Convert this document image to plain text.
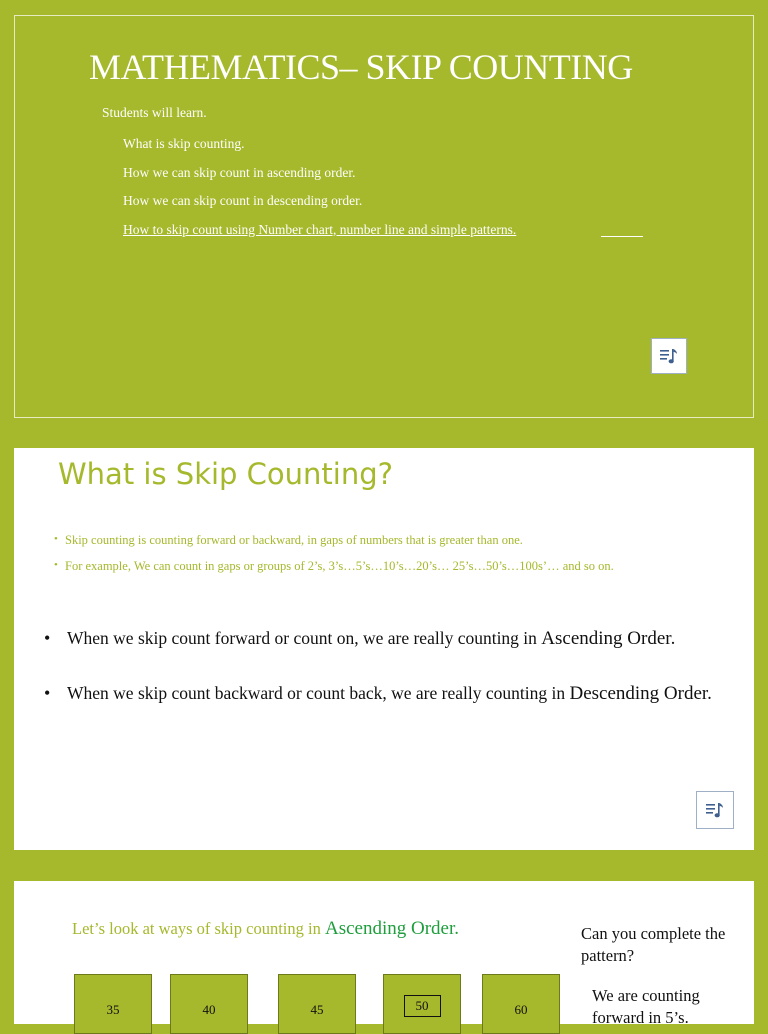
MATHEMATICS– SKIP COUNTING
Students will learn.
What is skip counting.
How we can skip count in ascending order.
How we can skip count in descending order.
How to skip count using Number chart, number line and simple patterns.
What is Skip Counting?
• Skip counting is counting forward or backward, in gaps of numbers that is greater than one.
• For example, We can count in gaps or groups of 2’s, 3’s…5’s…10’s…20’s… 25’s…50’s…100s’… and so on.
• When we skip count forward or count on, we are really counting in Ascending Order.
• When we skip count backward or count back, we are really counting in Descending Order.
Let’s look at ways of skip counting in Ascending Order.	Can you complete the pattern?
We are counting forward in 5’s.
35	40	45	50	60
